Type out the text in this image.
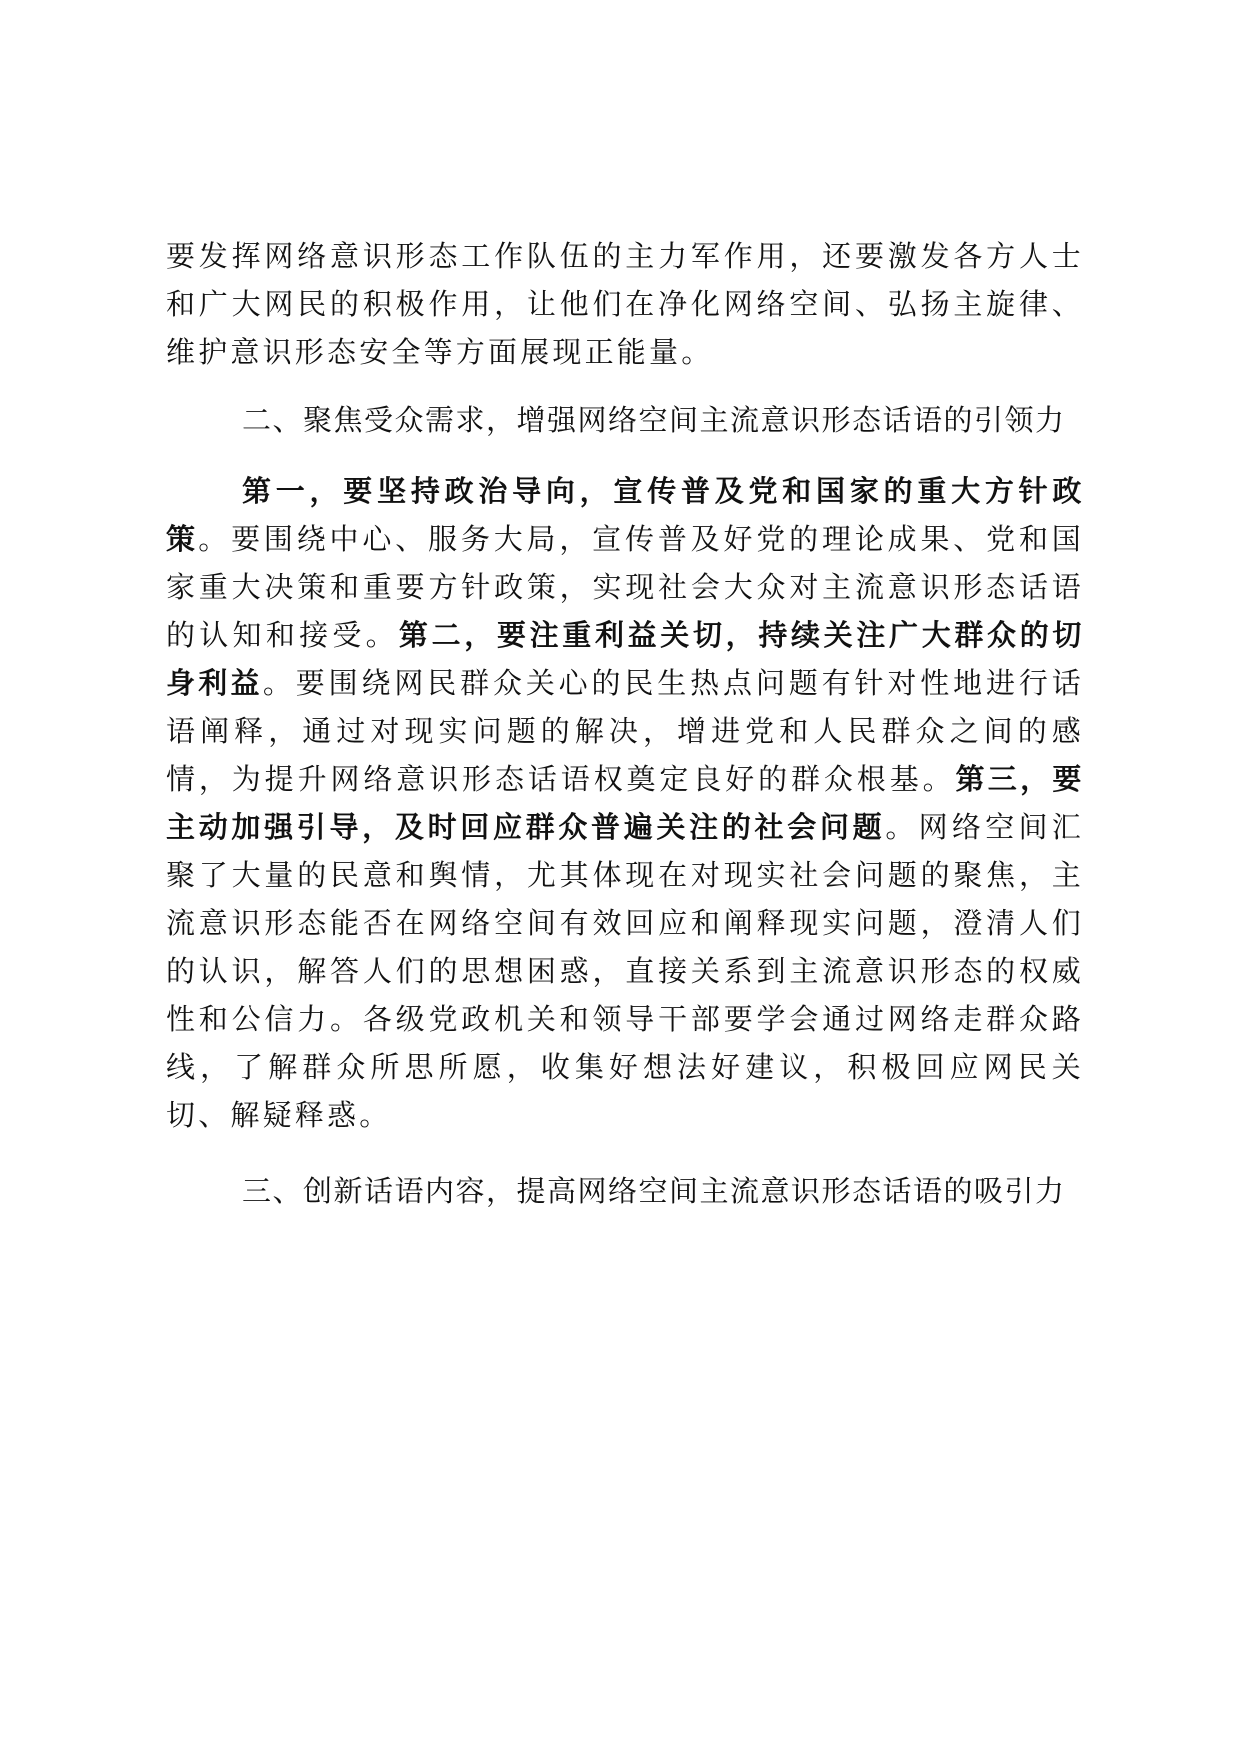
要发挥网络意识形态工作队伍的主力军作用，还要激发各方人士和广大网民的积极作用，让他们在净化网络空间、弘扬主旋律、维护意识形态安全等方面展现正能量。

二、聚焦受众需求，增强网络空间主流意识形态话语的引领力

第一，要坚持政治导向，宣传普及党和国家的重大方针政策。要围绕中心、服务大局，宣传普及好党的理论成果、党和国家重大决策和重要方针政策，实现社会大众对主流意识形态话语的认知和接受。第二，要注重利益关切，持续关注广大群众的切身利益。要围绕网民群众关心的民生热点问题有针对性地进行话语阐释，通过对现实问题的解决，增进党和人民群众之间的感情，为提升网络意识形态话语权奠定良好的群众根基。第三，要主动加强引导，及时回应群众普遍关注的社会问题。网络空间汇聚了大量的民意和舆情，尤其体现在对现实社会问题的聚焦，主流意识形态能否在网络空间有效回应和阐释现实问题，澄清人们的认识，解答人们的思想困惑，直接关系到主流意识形态的权威性和公信力。各级党政机关和领导干部要学会通过网络走群众路线，了解群众所思所愿，收集好想法好建议，积极回应网民关切、解疑释惑。

三、创新话语内容，提高网络空间主流意识形态话语的吸引力
